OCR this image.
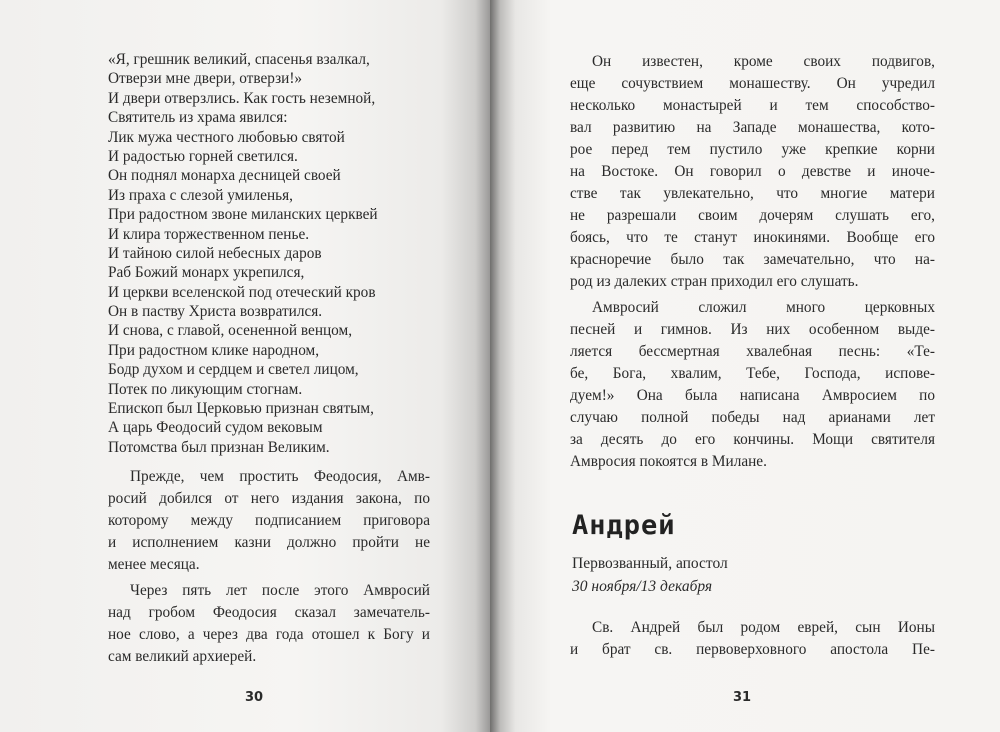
«Я, грешник великий, спасенья взалкал,
Отверзи мне двери, отверзи!»
И двери отверзлись. Как гость неземной,
Святитель из храма явился:
Лик мужа честного любовью святой
И радостью горней светился.
Он поднял монарха десницей своей
Из праха с слезой умиленья,
При радостном звоне миланских церквей
И клира торжественном пенье.
И тайною силой небесных даров
Раб Божий монарх укрепился,
И церкви вселенской под отеческий кров
Он в паству Христа возвратился.
И снова, с главой, осененной венцом,
При радостном клике народном,
Бодр духом и сердцем и светел лицом,
Потек по ликующим стогнам.
Епископ был Церковью признан святым,
А царь Феодосий судом вековым
Потомства был признан Великим.
Прежде, чем простить Феодосия, Амв-
росий добился от него издания закона, по
которому между подписанием приговора
и исполнением казни должно пройти не
менее месяца.
Через пять лет после этого Амвросий
над гробом Феодосия сказал замечатель-
ное слово, а через два года отошел к Богу и
сам великий архиерей.
30	31
Он известен, кроме своих подвигов,
еще сочувствием монашеству. Он учредил
несколько монастырей и тем способство-
вал развитию на Западе монашества, кото-
рое перед тем пустило уже крепкие корни
на Востоке. Он говорил о девстве и иноче-
стве так увлекательно, что многие матери
не разрешали своим дочерям слушать его,
боясь, что те станут инокинями. Вообще его
красноречие было так замечательно, что на-
род из далеких стран приходил его слушать.
Амвросий сложил много церковных
песней и гимнов. Из них особенном выде-
ляется бессмертная хвалебная песнь: «Те-
бе, Бога, хвалим, Тебе, Господа, испове-
дуем!» Она была написана Амвросием по
случаю полной победы над арианами лет
за десять до его кончины. Мощи святителя
Амвросия покоятся в Милане.
Андрей
Первозванный, апостол
30 ноября/13 декабря
Св. Андрей был родом еврей, сын Ионы
и брат св. первоверховного апостола Пе-
